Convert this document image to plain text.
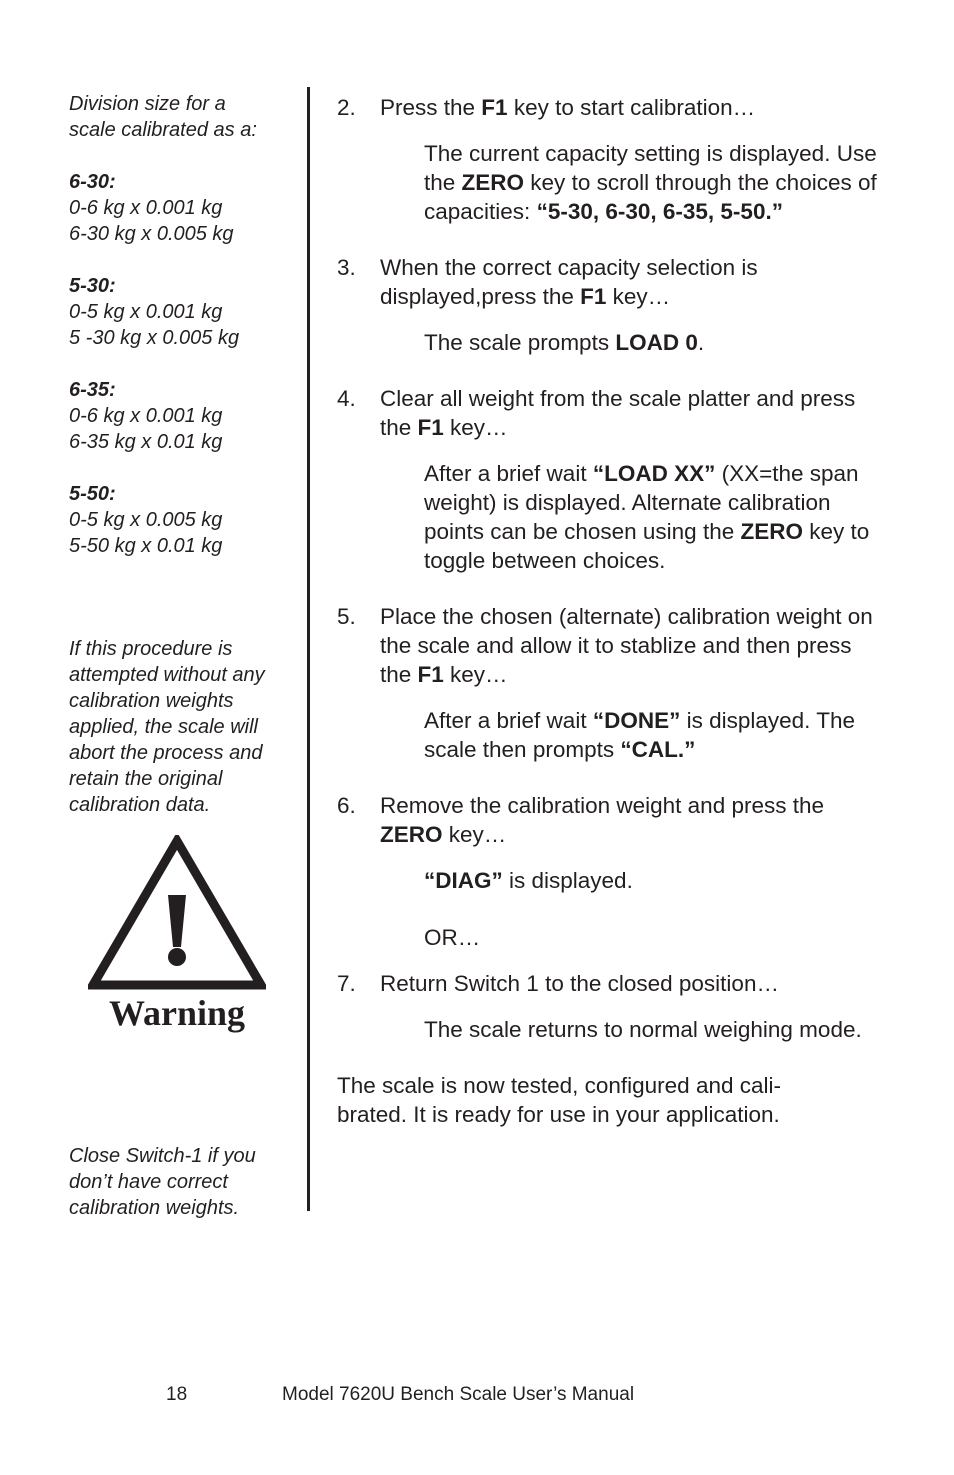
Division size for a scale calibrated as a:

6-30:

0-6 kg x 0.001 kg

6-30 kg x 0.005 kg

5-30:

0-5 kg x 0.001 kg

5 -30 kg x 0.005 kg

6-35:

0-6 kg x 0.001 kg

6-35 kg x 0.01 kg

5-50:

0-5 kg x 0.005 kg

5-50 kg x 0.01 kg

If this procedure is attempted without any calibration weights applied, the scale will abort the process and retain the original calibration data.

Close Switch-1 if you don’t have correct calibration weights.

Warning
2. Press the F1 key to start calibration…
The current capacity setting is displayed. Use the ZERO key to scroll through the choices of capacities: “5-30, 6-30, 6-35, 5-50.”
3. When the correct capacity selection is displayed,press the F1 key…
The scale prompts LOAD 0.
4. Clear all weight from the scale platter and press the F1 key…
After a brief wait “LOAD XX” (XX=the span weight) is displayed. Alternate calibration points can be chosen using the ZERO key to toggle between choices.
5. Place the chosen (alternate) calibration weight on the scale and allow it to stablize and then press the F1 key…
After a brief wait “DONE” is displayed. The scale then prompts “CAL.”
6. Remove the calibration weight and press the ZERO key…
“DIAG” is displayed.
OR…
7. Return Switch 1 to the closed position…
The scale returns to normal weighing mode.
The scale is now tested, configured and cali-brated. It is ready for use in your application.
18	Model 7620U Bench Scale User’s Manual
